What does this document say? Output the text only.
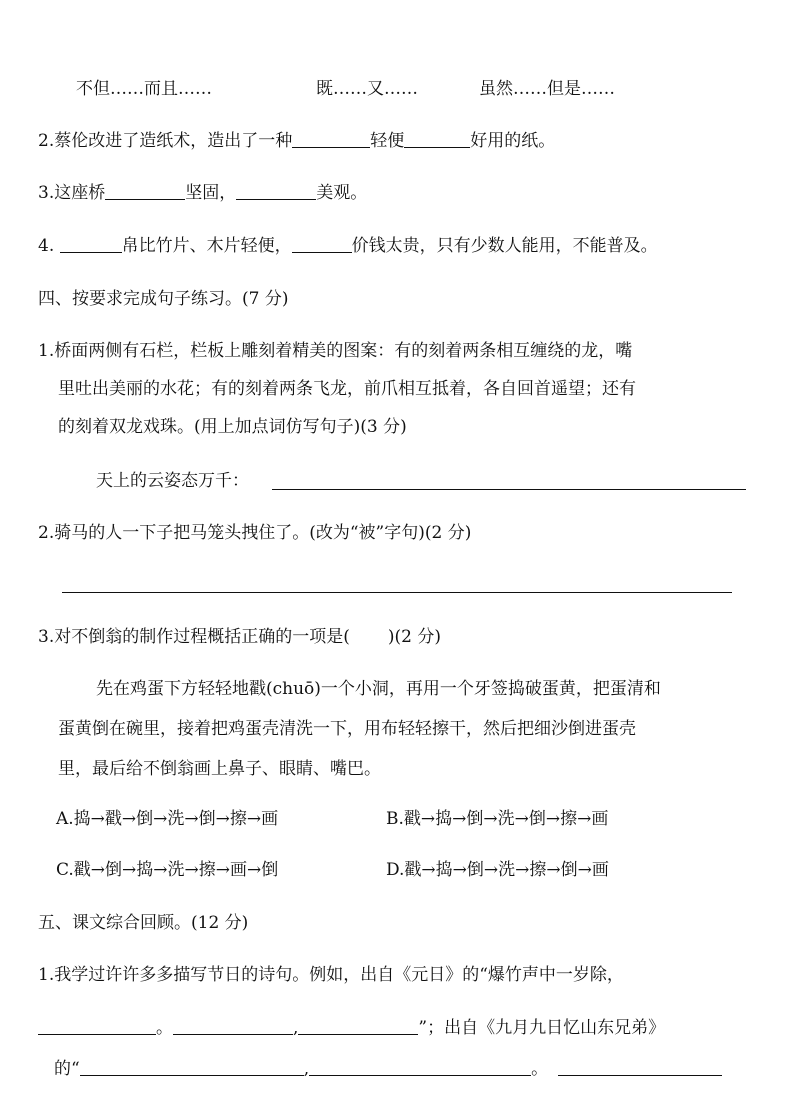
不但……而且……	既……又……	虽然……但是……
2.蔡伦改进了造纸术，造出了一种	轻便	好用的纸。
3.这座桥	坚固，	美观。
4.	帛比竹片、木片轻便，	价钱太贵，只有少数人能用，不能普及。
四、按要求完成句子练习。(7 分)
1.桥面两侧有石栏，栏板上雕刻着精美的图案：有的刻着两条相互缠绕的龙，嘴
里吐出美丽的水花；有的刻着两条飞龙，前爪相互抵着，各自回首遥望；还有
的刻着双龙戏珠。(用上加点词仿写句子)(3 分)
天上的云姿态万千：
2.骑马的人一下子把马笼头拽住了。(改为“被”字句)(2 分)
3.对不倒翁的制作过程概括正确的一项是( )(2 分)
先在鸡蛋下方轻轻地戳(chuō)一个小洞，再用一个牙签捣破蛋黄，把蛋清和
蛋黄倒在碗里，接着把鸡蛋壳清洗一下，用布轻轻擦干，然后把细沙倒进蛋壳
里，最后给不倒翁画上鼻子、眼睛、嘴巴。
A.捣→戳→倒→洗→倒→擦→画	B.戳→捣→倒→洗→倒→擦→画
C.戳→倒→捣→洗→擦→画→倒	D.戳→捣→倒→洗→擦→倒→画
五、课文综合回顾。(12 分)
1.我学过许许多多描写节日的诗句。例如，出自《元日》的“爆竹声中一岁除，
。	,	”；出自《九月九日忆山东兄弟》
的“	,	。
